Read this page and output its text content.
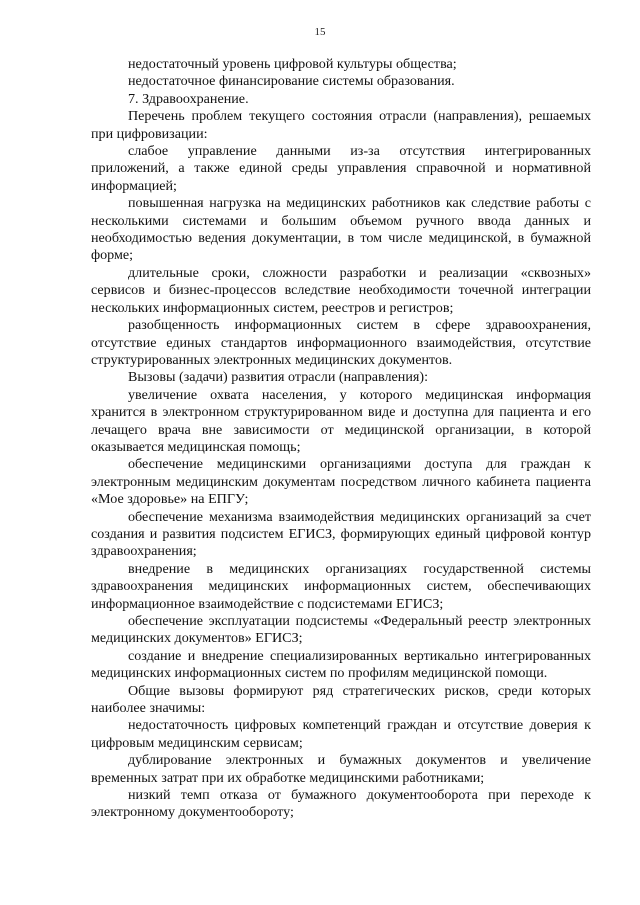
15

недостаточный уровень цифровой культуры общества;

недостаточное финансирование системы образования.

7. Здравоохранение.

Перечень проблем текущего состояния отрасли (направления), решаемых при цифровизации:

слабое управление данными из-за отсутствия интегрированных приложений, а также единой среды управления справочной и нормативной информацией;

повышенная нагрузка на медицинских работников как следствие работы с несколькими системами и большим объемом ручного ввода данных и необходимостью ведения документации, в том числе медицинской, в бумажной форме;

длительные сроки, сложности разработки и реализации «сквозных» сервисов и бизнес-процессов вследствие необходимости точечной интеграции нескольких информационных систем, реестров и регистров;

разобщенность информационных систем в сфере здравоохранения, отсутствие единых стандартов информационного взаимодействия, отсутствие структурированных электронных медицинских документов.

Вызовы (задачи) развития отрасли (направления):

увеличение охвата населения, у которого медицинская информация хранится в электронном структурированном виде и доступна для пациента и его лечащего врача вне зависимости от медицинской организации, в которой оказывается медицинская помощь;

обеспечение медицинскими организациями доступа для граждан к электронным медицинским документам посредством личного кабинета пациента «Мое здоровье» на ЕПГУ;

обеспечение механизма взаимодействия медицинских организаций за счет создания и развития подсистем ЕГИСЗ, формирующих единый цифровой контур здравоохранения;

внедрение в медицинских организациях государственной системы здравоохранения медицинских информационных систем, обеспечивающих информационное взаимодействие с подсистемами ЕГИСЗ;

обеспечение эксплуатации подсистемы «Федеральный реестр электронных медицинских документов» ЕГИСЗ;

создание и внедрение специализированных вертикально интегрированных медицинских информационных систем по профилям медицинской помощи.

Общие вызовы формируют ряд стратегических рисков, среди которых наиболее значимы:

недостаточность цифровых компетенций граждан и отсутствие доверия к цифровым медицинским сервисам;

дублирование электронных и бумажных документов и увеличение временных затрат при их обработке медицинскими работниками;

низкий темп отказа от бумажного документооборота при переходе к электронному документообороту;
